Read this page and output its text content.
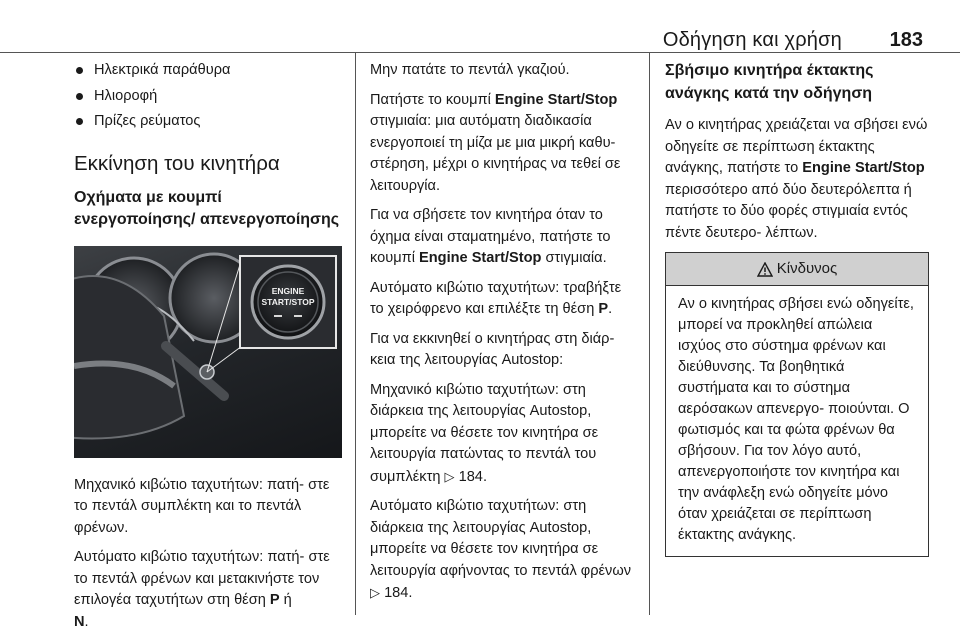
Οδήγηση και χρήση 183
Ηλεκτρικά παράθυρα
Ηλιοροφή
Πρίζες ρεύματος
Εκκίνηση του κινητήρα
Οχήματα με κουμπί ενεργοποίησης/ απενεργοποίησης
ENGINE
START/STOP

Μηχανικό κιβώτιο ταχυτήτων: πατή- στε το πεντάλ συμπλέκτη και το πεντάλ φρένων.

Αυτόματο κιβώτιο ταχυτήτων: πατή- στε το πεντάλ φρένων και μετακινήστε τον επιλογέα ταχυτήτων στη θέση P ή
N.

Μην πατάτε το πεντάλ γκαζιού.

Πατήστε το κουμπί Engine Start/Stop στιγμιαία: μια αυτόματη διαδικασία ενεργοποιεί τη μίζα με μια μικρή καθυ- στέρηση, μέχρι ο κινητήρας να τεθεί σε λειτουργία.

Για να σβήσετε τον κινητήρα όταν το όχημα είναι σταματημένο, πατήστε το κουμπί Engine Start/Stop στιγμιαία.

Αυτόματο κιβώτιο ταχυτήτων: τραβήξτε το χειρόφρενο και επιλέξτε τη θέση P.

Για να εκκινηθεί ο κινητήρας στη διάρ- κεια της λειτουργίας Autostop:

Μηχανικό κιβώτιο ταχυτήτων: στη διάρκεια της λειτουργίας Autostop, μπορείτε να θέσετε τον κινητήρα σε λειτουργία πατώντας το πεντάλ του συμπλέκτη ▷ 184.

Αυτόματο κιβώτιο ταχυτήτων: στη διάρκεια της λειτουργίας Autostop, μπορείτε να θέσετε τον κινητήρα σε λειτουργία αφήνοντας το πεντάλ φρένων ▷ 184.

Σβήσιμο κινητήρα έκτακτης ανάγκης κατά την οδήγηση

Αν ο κινητήρας χρειάζεται να σβήσει ενώ οδηγείτε σε περίπτωση έκτακτης ανάγκης, πατήστε το Engine Start/Stop περισσότερο από δύο δευτερόλεπτα ή πατήστε το δύο φορές στιγμιαία εντός πέντε δευτερο- λέπτων.

Κίνδυνος
Αν ο κινητήρας σβήσει ενώ οδηγείτε, μπορεί να προκληθεί απώλεια ισχύος στο σύστημα φρένων και διεύθυνσης. Τα βοηθητικά συστήματα και το σύστημα αερόσακων απενεργο- ποιούνται. Ο φωτισμός και τα φώτα φρένων θα σβήσουν. Για τον λόγο αυτό, απενεργοποιήστε τον κινητήρα και την ανάφλεξη ενώ οδηγείτε μόνο όταν χρειάζεται σε περίπτωση έκτακτης ανάγκης.
